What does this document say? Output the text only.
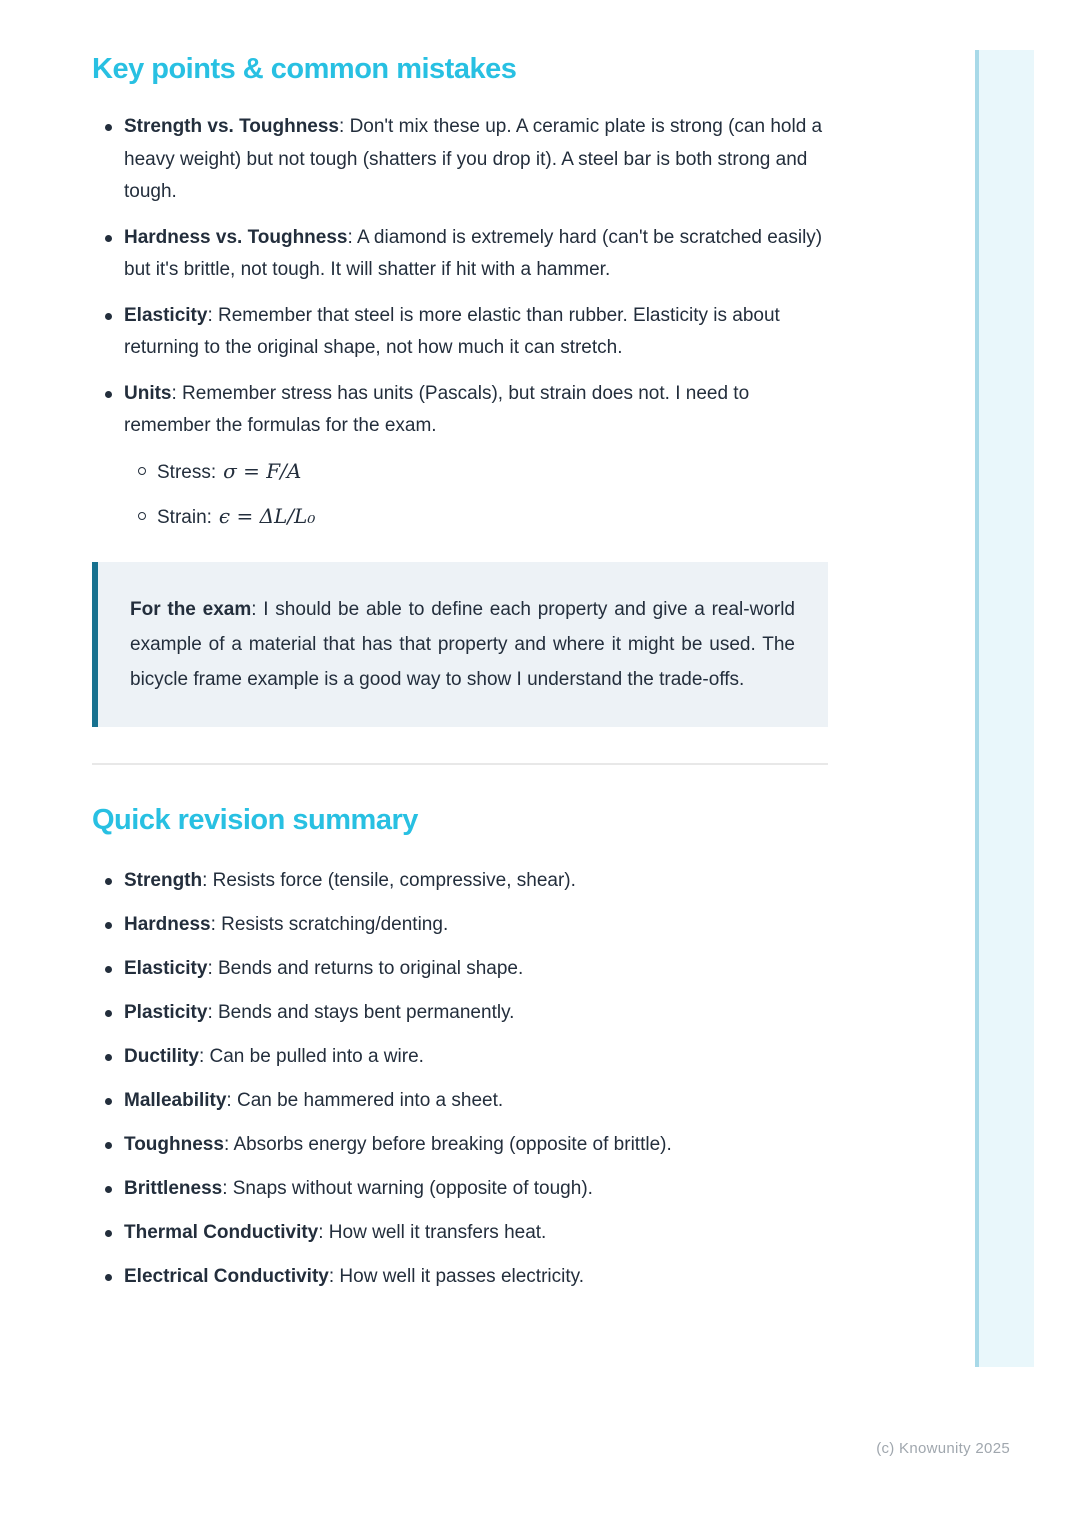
Key points & common mistakes
Strength vs. Toughness: Don't mix these up. A ceramic plate is strong (can hold a heavy weight) but not tough (shatters if you drop it). A steel bar is both strong and tough.
Hardness vs. Toughness: A diamond is extremely hard (can't be scratched easily) but it's brittle, not tough. It will shatter if hit with a hammer.
Elasticity: Remember that steel is more elastic than rubber. Elasticity is about returning to the original shape, not how much it can stretch.
Units: Remember stress has units (Pascals), but strain does not. I need to remember the formulas for the exam.
Stress: σ = F/A
Strain: ϵ = ΔL/L₀
For the exam: I should be able to define each property and give a real-world example of a material that has that property and where it might be used. The bicycle frame example is a good way to show I understand the trade-offs.
Quick revision summary
Strength: Resists force (tensile, compressive, shear).
Hardness: Resists scratching/denting.
Elasticity: Bends and returns to original shape.
Plasticity: Bends and stays bent permanently.
Ductility: Can be pulled into a wire.
Malleability: Can be hammered into a sheet.
Toughness: Absorbs energy before breaking (opposite of brittle).
Brittleness: Snaps without warning (opposite of tough).
Thermal Conductivity: How well it transfers heat.
Electrical Conductivity: How well it passes electricity.
(c) Knowunity 2025
